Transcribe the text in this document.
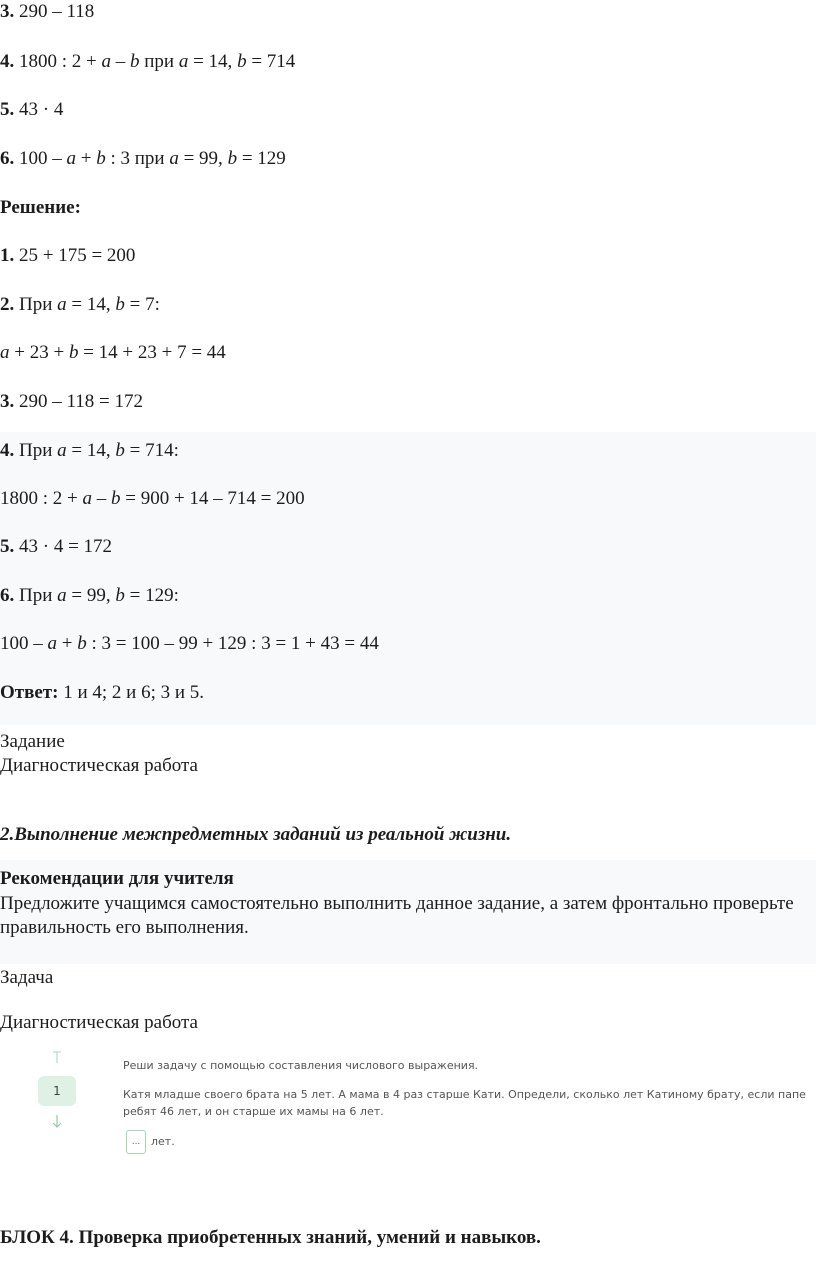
3. 290 – 118
4. 1800 : 2 + a – b при a = 14, b = 714
5. 43 · 4
6. 100 – a + b : 3 при a = 99, b = 129
Решение:
1. 25 + 175 = 200
2. При a = 14, b = 7:
a + 23 + b = 14 + 23 + 7 = 44
3. 290 – 118 = 172
4. При a = 14, b = 714:
1800 : 2 + a – b = 900 + 14 – 714 = 200
5. 43 · 4 = 172
6. При a = 99, b = 129:
100 – a + b : 3 = 100 – 99 + 129 : 3 = 1 + 43 = 44
Ответ: 1 и 4; 2 и 6; 3 и 5.
Задание
Диагностическая работа
2.Выполнение межпредметных заданий из реальной жизни.
Рекомендации для учителя
Предложите учащимся самостоятельно выполнить данное задание, а затем фронтально проверьте правильность его выполнения.
Задача
Диагностическая работа
1
Реши задачу с помощью составления числового выражения.
Катя младше своего брата на 5 лет. А мама в 4 раз старше Кати. Определи, сколько лет Катиному брату, если папе
ребят 46 лет, и он старше их мамы на 6 лет.
... лет.
БЛОК 4. Проверка приобретенных знаний, умений и навыков.
